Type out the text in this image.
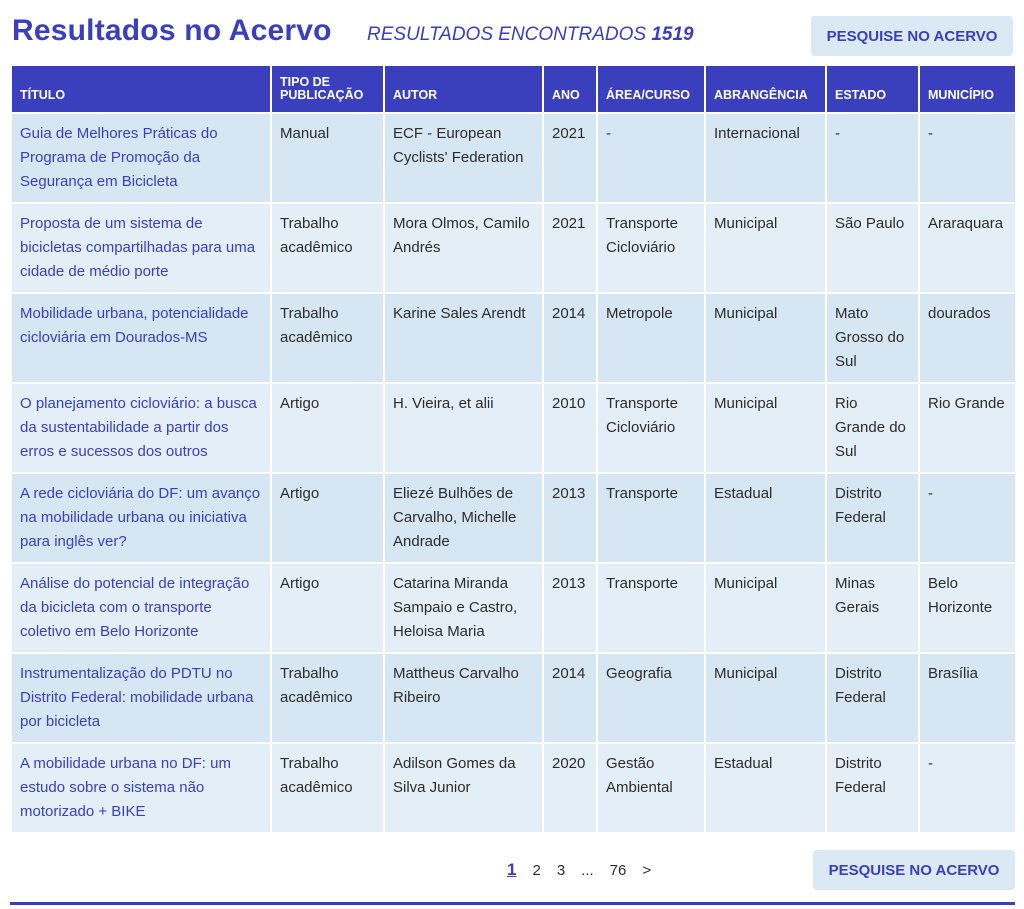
Resultados no Acervo RESULTADOS ENCONTRADOS 1519	PESQUISE NO ACERVO
TÍTULO	TIPO DE PUBLICAÇÃO	AUTOR	ANO	ÁREA/CURSO	ABRANGÊNCIA	ESTADO	MUNICÍPIO
Guia de Melhores Práticas do Programa de Promoção da Segurança em Bicicleta	Manual	ECF - European Cyclists' Federation	2021	-	Internacional	-	-
Proposta de um sistema de bicicletas compartilhadas para uma cidade de médio porte	Trabalho acadêmico	Mora Olmos, Camilo Andrés	2021	Transporte Cicloviário	Municipal	São Paulo	Araraquara
Mobilidade urbana, potencialidade cicloviária em Dourados-MS	Trabalho acadêmico	Karine Sales Arendt	2014	Metropole	Municipal	Mato Grosso do Sul	dourados
O planejamento cicloviário: a busca da sustentabilidade a partir dos erros e sucessos dos outros	Artigo	H. Vieira, et alii	2010	Transporte Cicloviário	Municipal	Rio Grande do Sul	Rio Grande
A rede cicloviária do DF: um avanço na mobilidade urbana ou iniciativa para inglês ver?	Artigo	Eliezé Bulhões de Carvalho, Michelle Andrade	2013	Transporte	Estadual	Distrito Federal	-
Análise do potencial de integração da bicicleta com o transporte coletivo em Belo Horizonte	Artigo	Catarina Miranda Sampaio e Castro, Heloisa Maria	2013	Transporte	Municipal	Minas Gerais	Belo Horizonte
Instrumentalização do PDTU no Distrito Federal: mobilidade urbana por bicicleta	Trabalho acadêmico	Mattheus Carvalho Ribeiro	2014	Geografia	Municipal	Distrito Federal	Brasília
A mobilidade urbana no DF: um estudo sobre o sistema não motorizado + BIKE	Trabalho acadêmico	Adilson Gomes da Silva Junior	2020	Gestão Ambiental	Estadual	Distrito Federal	-
1 2 3 ... 76 >	PESQUISE NO ACERVO
